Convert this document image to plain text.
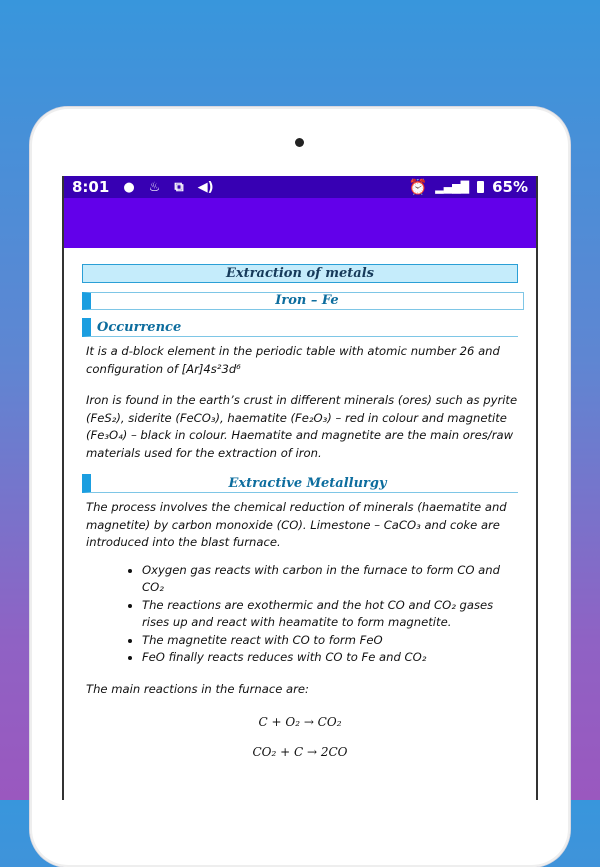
8:01 ● ♨ ⧉ ◀)	⏰ ▂▄▆█ 65%
Extraction of metals
Iron – Fe
Occurrence

It is a d-block element in the periodic table with atomic number 26 and configuration of [Ar]4s²3d⁶

Iron is found in the earth’s crust in different minerals (ores) such as pyrite (FeS₂), siderite (FeCO₃), haematite (Fe₂O₃) – red in colour and magnetite (Fe₃O₄) – black in colour. Haematite and magnetite are the main ores/raw materials used for the extraction of iron.

Extractive Metallurgy

The process involves the chemical reduction of minerals (haematite and magnetite) by carbon monoxide (CO). Limestone – CaCO₃ and coke are introduced into the blast furnace.

• Oxygen gas reacts with carbon in the furnace to form CO and CO₂
• The reactions are exothermic and the hot CO and CO₂ gases rises up and react with heamatite to form magnetite.
• The magnetite react with CO to form FeO
• FeO finally reacts reduces with CO to Fe and CO₂

The main reactions in the furnace are:

C + O₂ → CO₂
CO₂ + C → 2CO
